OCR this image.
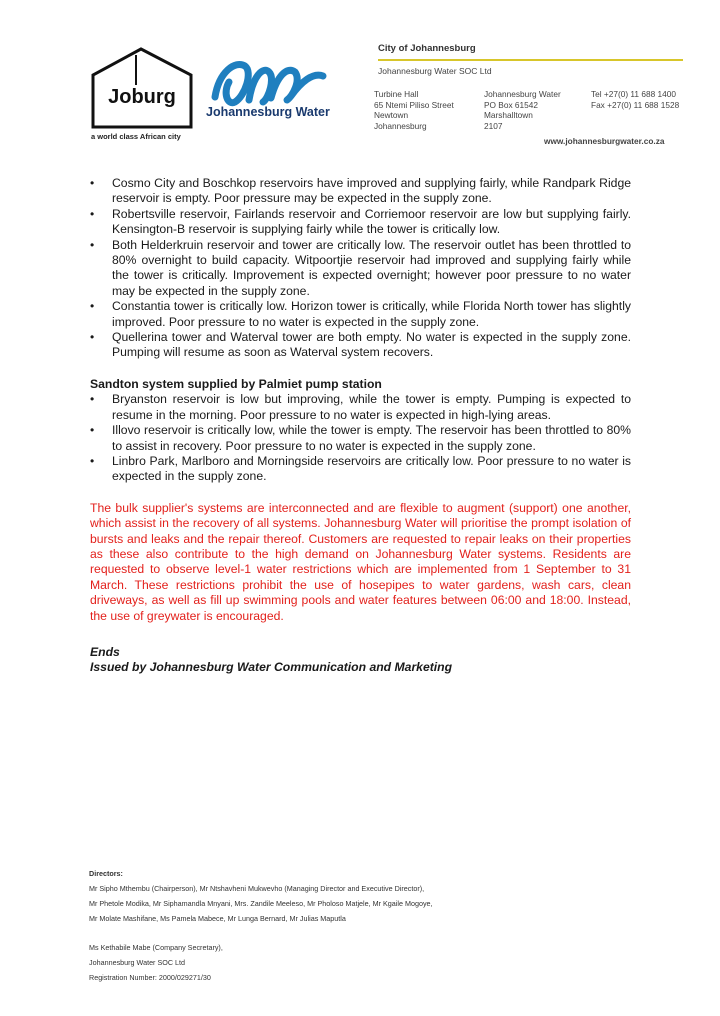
Joburg
a world class African city
Johannesburg Water
City of Johannesburg
Johannesburg Water SOC Ltd
Turbine Hall
65 Ntemi Piliso Street
Newtown
Johannesburg
Johannesburg Water
PO Box 61542
Marshalltown
2107
Tel +27(0) 11 688 1400
Fax +27(0) 11 688 1528
www.johannesburgwater.co.za
• Cosmo City and Boschkop reservoirs have improved and supplying fairly, while Randpark Ridge reservoir is empty. Poor pressure may be expected in the supply zone.
• Robertsville reservoir, Fairlands reservoir and Corriemoor reservoir are low but supplying fairly. Kensington-B reservoir is supplying fairly while the tower is critically low.
• Both Helderkruin reservoir and tower are critically low. The reservoir outlet has been throttled to 80% overnight to build capacity. Witpoortjie reservoir had improved and supplying fairly while the tower is critically. Improvement is expected overnight; however poor pressure to no water may be expected in the supply zone.
• Constantia tower is critically low. Horizon tower is critically, while Florida North tower has slightly improved. Poor pressure to no water is expected in the supply zone.
• Quellerina tower and Waterval tower are both empty. No water is expected in the supply zone. Pumping will resume as soon as Waterval system recovers.
Sandton system supplied by Palmiet pump station
• Bryanston reservoir is low but improving, while the tower is empty. Pumping is expected to resume in the morning. Poor pressure to no water is expected in high-lying areas.
• Illovo reservoir is critically low, while the tower is empty. The reservoir has been throttled to 80% to assist in recovery. Poor pressure to no water is expected in the supply zone.
• Linbro Park, Marlboro and Morningside reservoirs are critically low. Poor pressure to no water is expected in the supply zone.

The bulk supplier's systems are interconnected and are flexible to augment (support) one another, which assist in the recovery of all systems. Johannesburg Water will prioritise the prompt isolation of bursts and leaks and the repair thereof. Customers are requested to repair leaks on their properties as these also contribute to the high demand on Johannesburg Water systems. Residents are requested to observe level-1 water restrictions which are implemented from 1 September to 31 March. These restrictions prohibit the use of hosepipes to water gardens, wash cars, clean driveways, as well as fill up swimming pools and water features between 06:00 and 18:00. Instead, the use of greywater is encouraged.

Ends
Issued by Johannesburg Water Communication and Marketing
Directors:
Mr Sipho Mthembu (Chairperson), Mr Ntshavheni Mukwevho (Managing Director and Executive Director),
Mr Phetole Modika, Mr Siphamandla Mnyani, Mrs. Zandile Meeleso, Mr Pholoso Matjele, Mr Kgaile Mogoye,
Mr Molate Mashifane, Ms Pamela Mabece, Mr Lunga Bernard, Mr Julias Maputla
Ms Kethabile Mabe (Company Secretary),
Johannesburg Water SOC Ltd
Registration Number: 2000/029271/30
